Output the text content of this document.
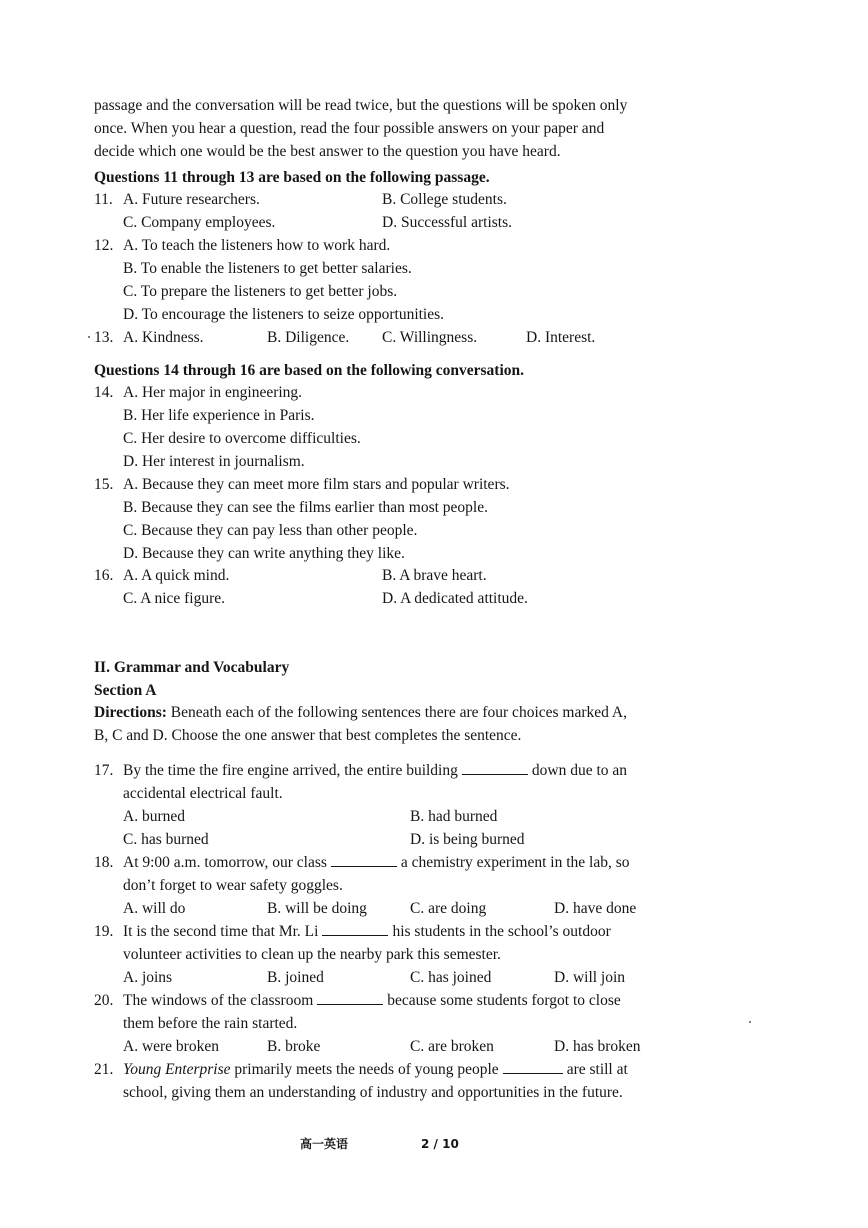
passage and the conversation will be read twice, but the questions will be spoken only

once. When you hear a question, read the four possible answers on your paper and

decide which one would be the best answer to the question you have heard.

Questions 11 through 13 are based on the following passage.
11. A. Future researchers.	B. College students.
C. Company employees.	D. Successful artists.
12. A. To teach the listeners how to work hard.
B. To enable the listeners to get better salaries.
C. To prepare the listeners to get better jobs.
D. To encourage the listeners to seize opportunities.
13. A. Kindness.	B. Diligence. C. Willingness.	D. Interest.
Questions 14 through 16 are based on the following conversation.
14. A. Her major in engineering.
B. Her life experience in Paris.
C. Her desire to overcome difficulties.
D. Her interest in journalism.
15. A. Because they can meet more film stars and popular writers.
B. Because they can see the films earlier than most people.
C. Because they can pay less than other people.
D. Because they can write anything they like.
16. A. A quick mind.	B. A brave heart.
C. A nice figure.	D. A dedicated attitude.
II. Grammar and Vocabulary
Section A
Directions: Beneath each of the following sentences there are four choices marked A,
B, C and D. Choose the one answer that best completes the sentence.
17. By the time the fire engine arrived, the entire building	down due to an
accidental electrical fault.
A. burned	B. had burned
C. has burned	D. is being burned
18. At 9:00 a.m. tomorrow, our class	a chemistry experiment in the lab, so
don’t forget to wear safety goggles.
A. will do	B. will be doing	C. are doing	D. have done
19. It is the second time that Mr. Li	his students in the school’s outdoor
volunteer activities to clean up the nearby park this semester.
A. joins	B. joined	C. has joined	D. will join
20. The windows of the classroom	because some students forgot to close
them before the rain started.
A. were broken	B. broke	C. are broken	D. has broken
21. Young Enterprise primarily meets the needs of young people	are still at
school, giving them an understanding of industry and opportunities in the future.
高一英语	2 / 10
